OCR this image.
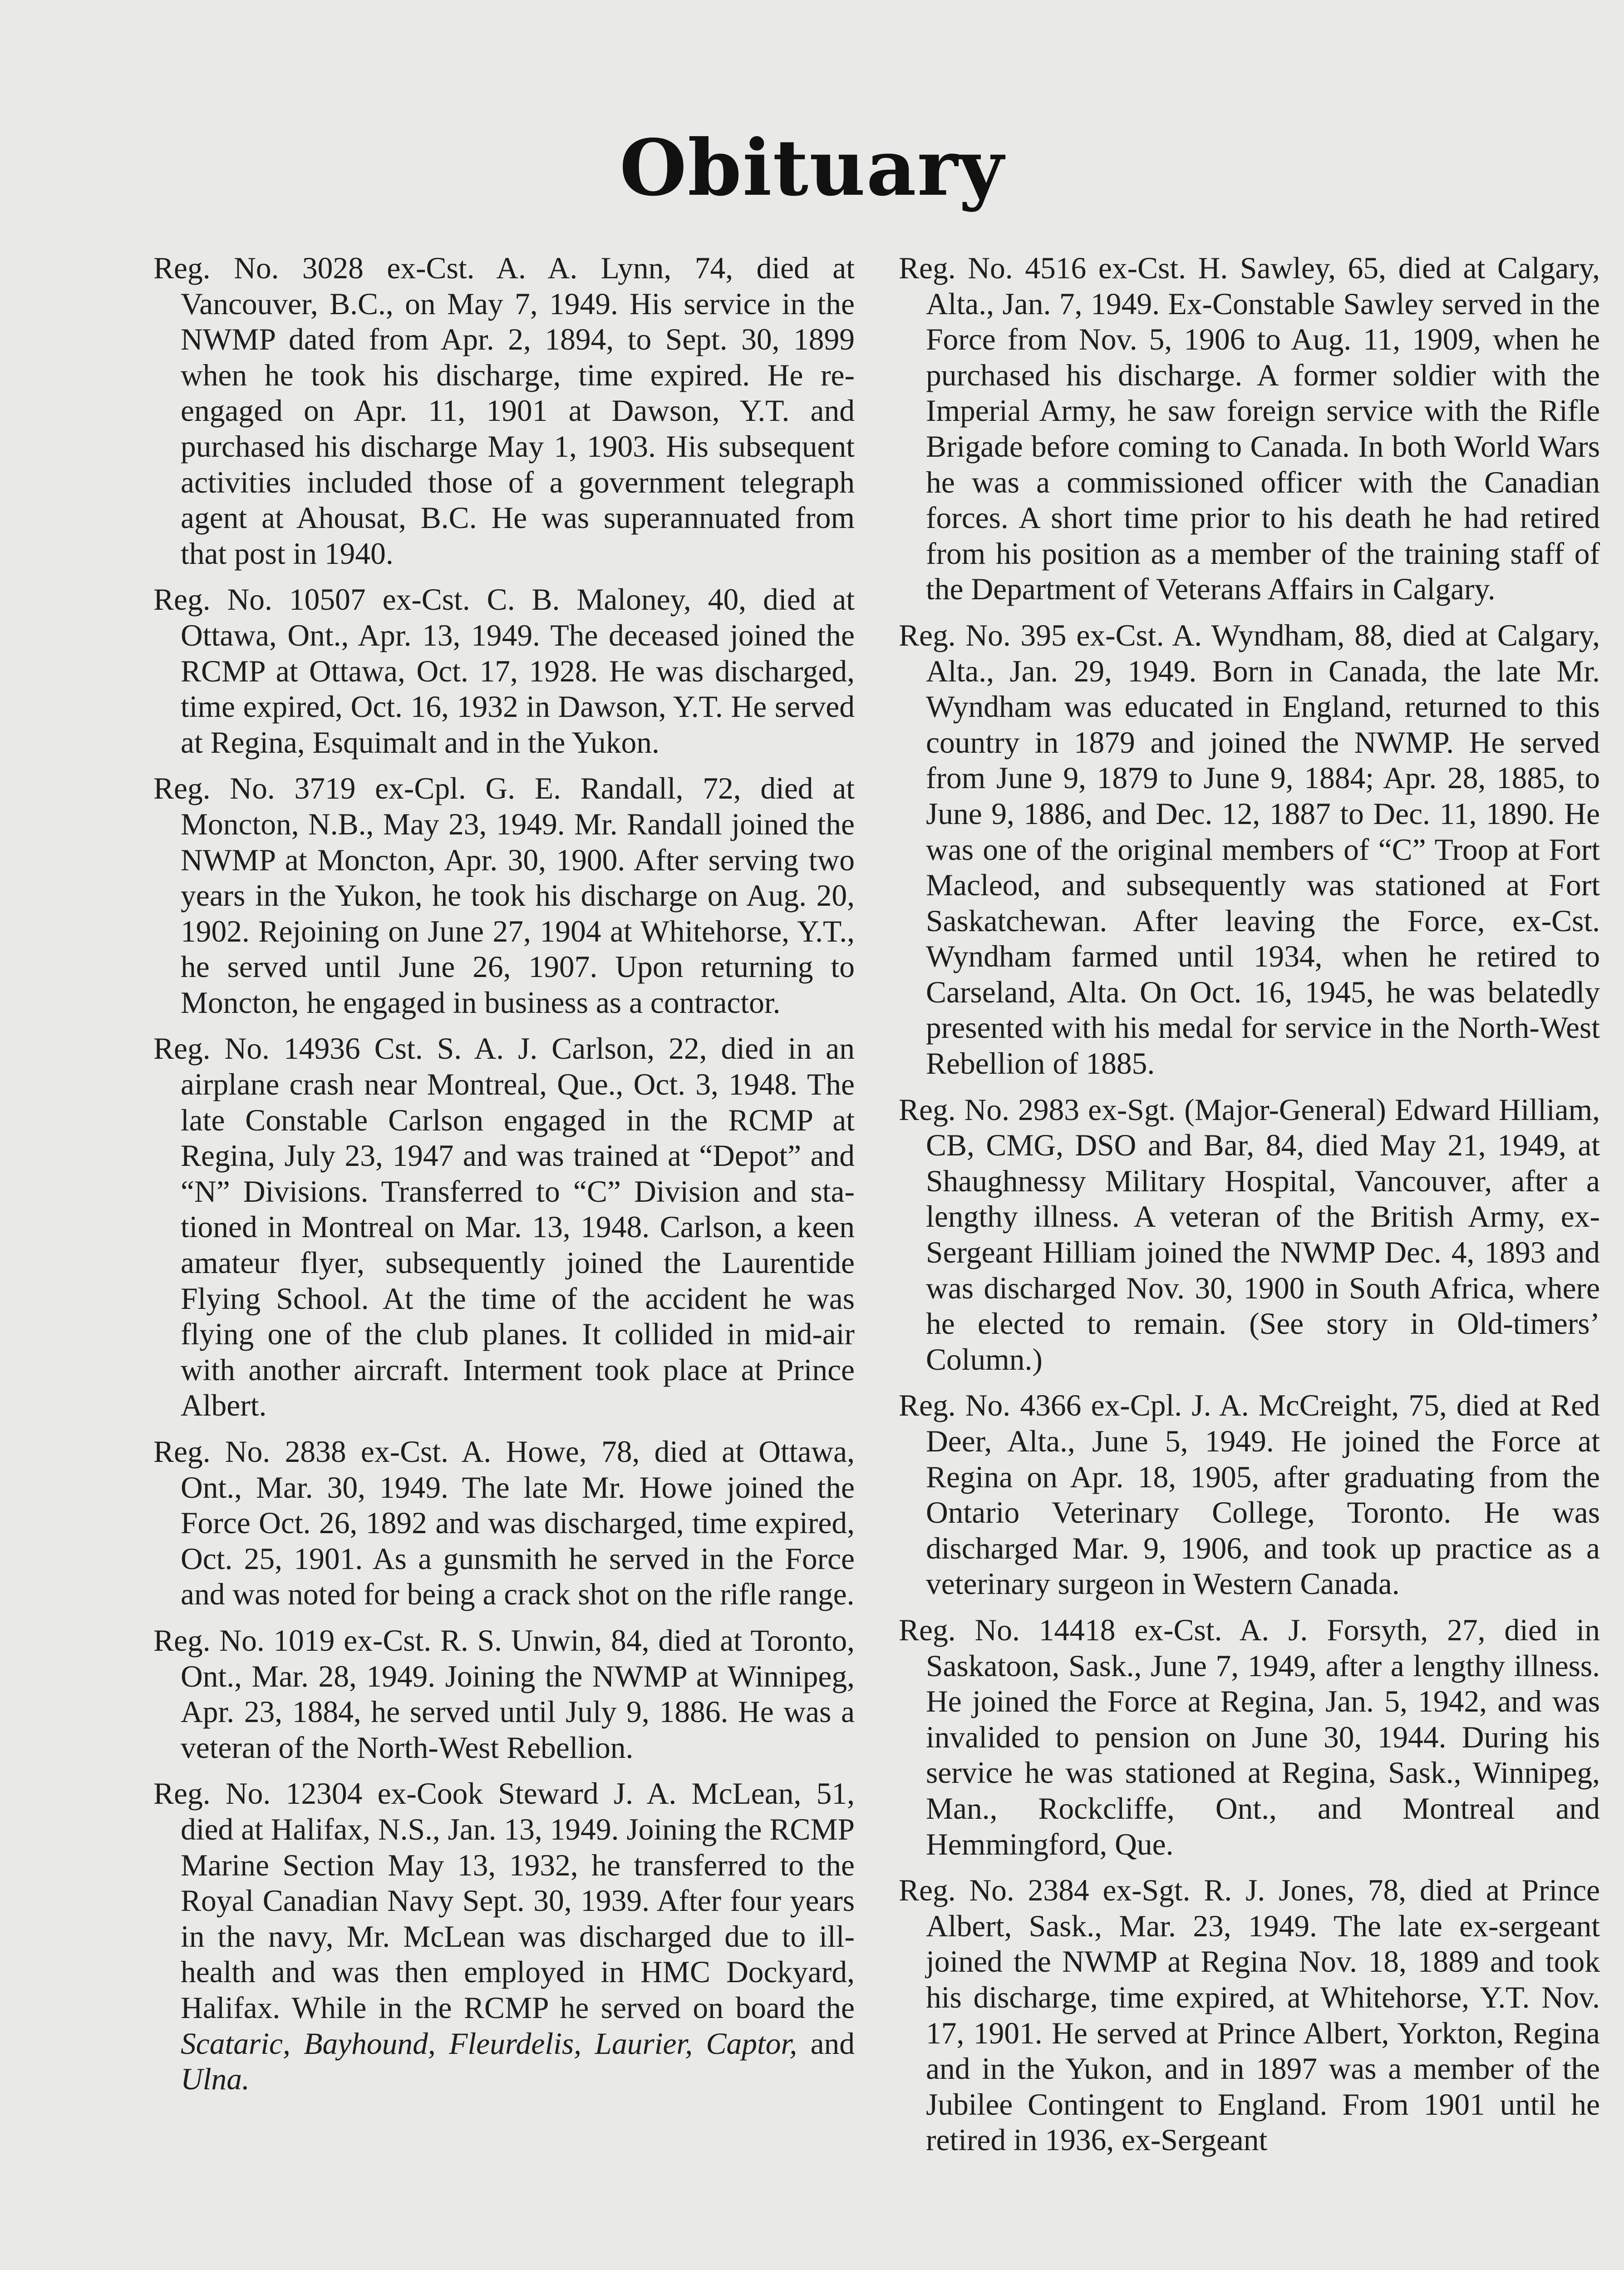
Obituary

Reg. No. 3028 ex-Cst. A. A. Lynn, 74, died at Vancouver, B.C., on May 7, 1949. His service in the NWMP dated from Apr. 2, 1894, to Sept. 30, 1899 when he took his discharge, time expired. He re-engaged on Apr. 11, 1901 at Dawson, Y.T. and purchased his discharge May 1, 1903. His subsequent activities included those of a government telegraph agent at Ahousat, B.C. He was superannuated from that post in 1940.

Reg. No. 10507 ex-Cst. C. B. Maloney, 40, died at Ottawa, Ont., Apr. 13, 1949. The deceased joined the RCMP at Ottawa, Oct. 17, 1928. He was discharged, time expired, Oct. 16, 1932 in Dawson, Y.T. He served at Regina, Esquimalt and in the Yukon.

Reg. No. 3719 ex-Cpl. G. E. Randall, 72, died at Moncton, N.B., May 23, 1949. Mr. Randall joined the NWMP at Moncton, Apr. 30, 1900. After serving two years in the Yukon, he took his discharge on Aug. 20, 1902. Rejoining on June 27, 1904 at Whitehorse, Y.T., he served until June 26, 1907. Upon returning to Moncton, he engaged in business as a contractor.

Reg. No. 14936 Cst. S. A. J. Carlson, 22, died in an airplane crash near Montreal, Que., Oct. 3, 1948. The late Constable Carlson engaged in the RCMP at Regina, July 23, 1947 and was trained at “Depot” and “N” Divisions. Transferred to “C” Division and stationed in Montreal on Mar. 13, 1948. Carlson, a keen amateur flyer, subsequently joined the Laurentide Flying School. At the time of the accident he was flying one of the club planes. It collided in mid-air with another aircraft. Interment took place at Prince Albert.

Reg. No. 2838 ex-Cst. A. Howe, 78, died at Ottawa, Ont., Mar. 30, 1949. The late Mr. Howe joined the Force Oct. 26, 1892 and was discharged, time expired, Oct. 25, 1901. As a gunsmith he served in the Force and was noted for being a crack shot on the rifle range.

Reg. No. 1019 ex-Cst. R. S. Unwin, 84, died at Toronto, Ont., Mar. 28, 1949. Joining the NWMP at Winnipeg, Apr. 23, 1884, he served until July 9, 1886. He was a veteran of the North-West Rebellion.

Reg. No. 12304 ex-Cook Steward J. A. McLean, 51, died at Halifax, N.S., Jan. 13, 1949. Joining the RCMP Marine Section May 13, 1932, he transferred to the Royal Canadian Navy Sept. 30, 1939. After four years in the navy, Mr. McLean was discharged due to ill-health and was then employed in HMC Dockyard, Halifax. While in the RCMP he served on board the Scataric, Bayhound, Fleurdelis, Laurier, Captor, and Ulna.

Reg. No. 4516 ex-Cst. H. Sawley, 65, died at Calgary, Alta., Jan. 7, 1949. Ex-Constable Sawley served in the Force from Nov. 5, 1906 to Aug. 11, 1909, when he purchased his discharge. A former soldier with the Imperial Army, he saw foreign service with the Rifle Brigade before coming to Canada. In both World Wars he was a commissioned officer with the Canadian forces. A short time prior to his death he had retired from his position as a member of the training staff of the Department of Veterans Affairs in Calgary.

Reg. No. 395 ex-Cst. A. Wyndham, 88, died at Calgary, Alta., Jan. 29, 1949. Born in Canada, the late Mr. Wyndham was educated in England, returned to this country in 1879 and joined the NWMP. He served from June 9, 1879 to June 9, 1884; Apr. 28, 1885, to June 9, 1886, and Dec. 12, 1887 to Dec. 11, 1890. He was one of the original members of “C” Troop at Fort Macleod, and subsequently was stationed at Fort Saskatchewan. After leaving the Force, ex-Cst. Wyndham farmed until 1934, when he retired to Carseland, Alta. On Oct. 16, 1945, he was belatedly presented with his medal for service in the North-West Rebellion of 1885.

Reg. No. 2983 ex-Sgt. (Major-General) Edward Hilliam, CB, CMG, DSO and Bar, 84, died May 21, 1949, at Shaughnessy Military Hospital, Vancouver, after a lengthy illness. A veteran of the British Army, ex-Sergeant Hilliam joined the NWMP Dec. 4, 1893 and was discharged Nov. 30, 1900 in South Africa, where he elected to remain. (See story in Old-timers’ Column.)

Reg. No. 4366 ex-Cpl. J. A. McCreight, 75, died at Red Deer, Alta., June 5, 1949. He joined the Force at Regina on Apr. 18, 1905, after graduating from the Ontario Veterinary College, Toronto. He was discharged Mar. 9, 1906, and took up practice as a veterinary surgeon in Western Canada.

Reg. No. 14418 ex-Cst. A. J. Forsyth, 27, died in Saskatoon, Sask., June 7, 1949, after a lengthy illness. He joined the Force at Regina, Jan. 5, 1942, and was invalided to pension on June 30, 1944. During his service he was stationed at Regina, Sask., Winnipeg, Man., Rockcliffe, Ont., and Montreal and Hemmingford, Que.

Reg. No. 2384 ex-Sgt. R. J. Jones, 78, died at Prince Albert, Sask., Mar. 23, 1949. The late ex-sergeant joined the NWMP at Regina Nov. 18, 1889 and took his discharge, time expired, at Whitehorse, Y.T. Nov. 17, 1901. He served at Prince Albert, Yorkton, Regina and in the Yukon, and in 1897 was a member of the Jubilee Contingent to England. From 1901 until he retired in 1936, ex-Sergeant
